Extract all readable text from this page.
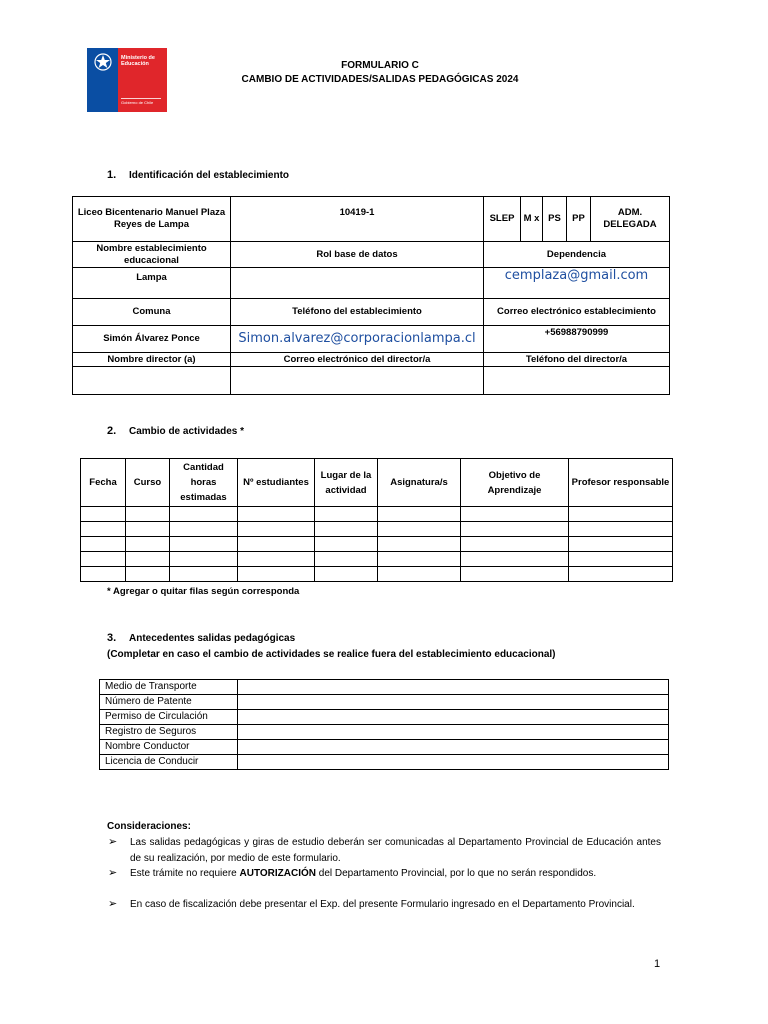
Ministerio de
Educación
Gobierno de Chile
FORMULARIO C
CAMBIO DE ACTIVIDADES/SALIDAS PEDAGÓGICAS 2024
1. Identificación del establecimiento
Liceo Bicentenario Manuel Plaza Reyes de Lampa	10419-1	SLEP	M x	PS	PP	ADM. DELEGADA
Nombre establecimiento educacional	Rol base de datos	Dependencia				
Lampa		cemplaza@gmail.com				
Comuna	Teléfono del establecimiento	Correo electrónico establecimiento				
Simón Álvarez Ponce	Simon.alvarez@corporacionlampa.cl	+56988790999				
Nombre director (a)	Correo electrónico del director/a	Teléfono del director/a				

2. Cambio de actividades *
Fecha	Curso	Cantidad horas estimadas	Nº estudiantes	Lugar de la actividad	Asignatura/s	Objetivo de Aprendizaje	Profesor responsable

* Agregar o quitar filas según corresponda
3. Antecedentes salidas pedagógicas
(Completar en caso el cambio de actividades se realice fuera del establecimiento educacional)
Medio de Transporte	
Número de Patente	
Permiso de Circulación	
Registro de Seguros	
Nombre Conductor	
Licencia de Conducir	
Consideraciones:
➢ Las salidas pedagógicas y giras de estudio deberán ser comunicadas al Departamento Provincial de Educación antes de su realización, por medio de este formulario.
➢ Este trámite no requiere AUTORIZACIÓN del Departamento Provincial, por lo que no serán respondidos.
➢ En caso de fiscalización debe presentar el Exp. del presente Formulario ingresado en el Departamento Provincial.
1
